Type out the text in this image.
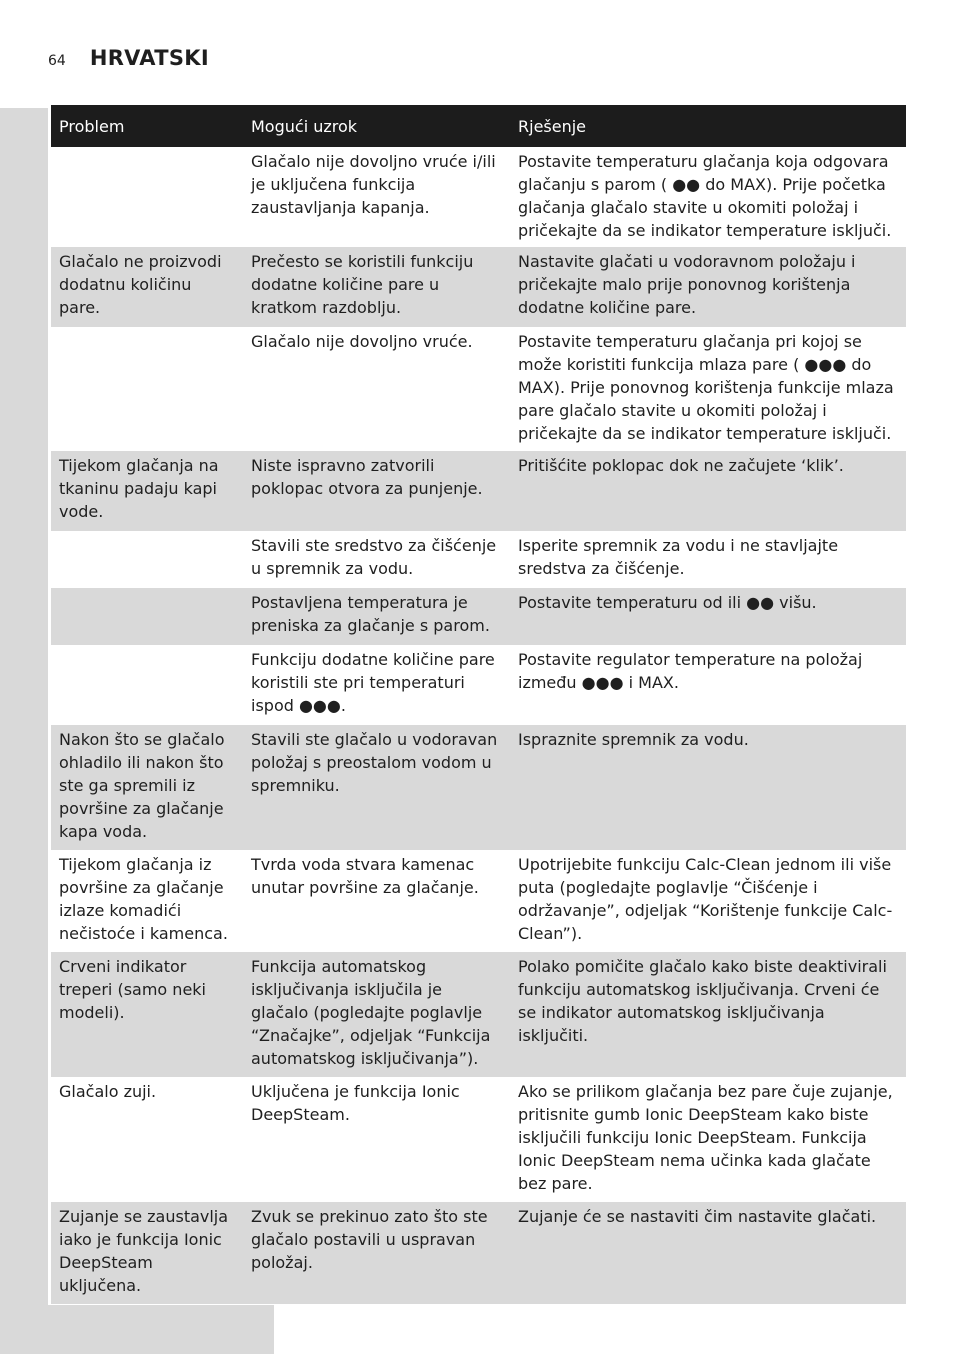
64 HRVATSKI
Problem	Mogući uzrok	Rješenje
	Glačalo nije dovoljno vruće i/ili je uključena funkcija zaustavljanja kapanja.	Postavite temperaturu glačanja koja odgovara glačanju s parom ( ●● do MAX). Prije početka glačanja glačalo stavite u okomiti položaj i pričekajte da se indikator temperature isključi.
Glačalo ne proizvodi dodatnu količinu pare.	Prečesto se koristili funkciju dodatne količine pare u kratkom razdoblju.	Nastavite glačati u vodoravnom položaju i pričekajte malo prije ponovnog korištenja dodatne količine pare.
	Glačalo nije dovoljno vruće.	Postavite temperaturu glačanja pri kojoj se može koristiti funkcija mlaza pare ( ●●● do MAX). Prije ponovnog korištenja funkcije mlaza pare glačalo stavite u okomiti položaj i pričekajte da se indikator temperature isključi.
Tijekom glačanja na tkaninu padaju kapi vode.	Niste ispravno zatvorili poklopac otvora za punjenje.	Pritišćite poklopac dok ne začujete ‘klik’.
	Stavili ste sredstvo za čišćenje u spremnik za vodu.	Isperite spremnik za vodu i ne stavljajte sredstva za čišćenje.
	Postavljena temperatura je preniska za glačanje s parom.	Postavite temperaturu od ili ●● višu.
	Funkciju dodatne količine pare koristili ste pri temperaturi ispod ●●●.	Postavite regulator temperature na položaj između ●●● i MAX.
Nakon što se glačalo ohladilo ili nakon što ste ga spremili iz površine za glačanje kapa voda.	Stavili ste glačalo u vodoravan položaj s preostalom vodom u spremniku.	Ispraznite spremnik za vodu.
Tijekom glačanja iz površine za glačanje izlaze komadići nečistoće i kamenca.	Tvrda voda stvara kamenac unutar površine za glačanje.	Upotrijebite funkciju Calc-Clean jednom ili više puta (pogledajte poglavlje “Čišćenje i održavanje”, odjeljak “Korištenje funkcije Calc-Clean”).
Crveni indikator treperi (samo neki modeli).	Funkcija automatskog isključivanja isključila je glačalo (pogledajte poglavlje “Značajke”, odjeljak “Funkcija automatskog isključivanja”).	Polako pomičite glačalo kako biste deaktivirali funkciju automatskog isključivanja. Crveni će se indikator automatskog isključivanja isključiti.
Glačalo zuji.	Uključena je funkcija Ionic DeepSteam.	Ako se prilikom glačanja bez pare čuje zujanje, pritisnite gumb Ionic DeepSteam kako biste isključili funkciju Ionic DeepSteam. Funkcija Ionic DeepSteam nema učinka kada glačate bez pare.
Zujanje se zaustavlja iako je funkcija Ionic DeepSteam uključena.	Zvuk se prekinuo zato što ste glačalo postavili u uspravan položaj.	Zujanje će se nastaviti čim nastavite glačati.
